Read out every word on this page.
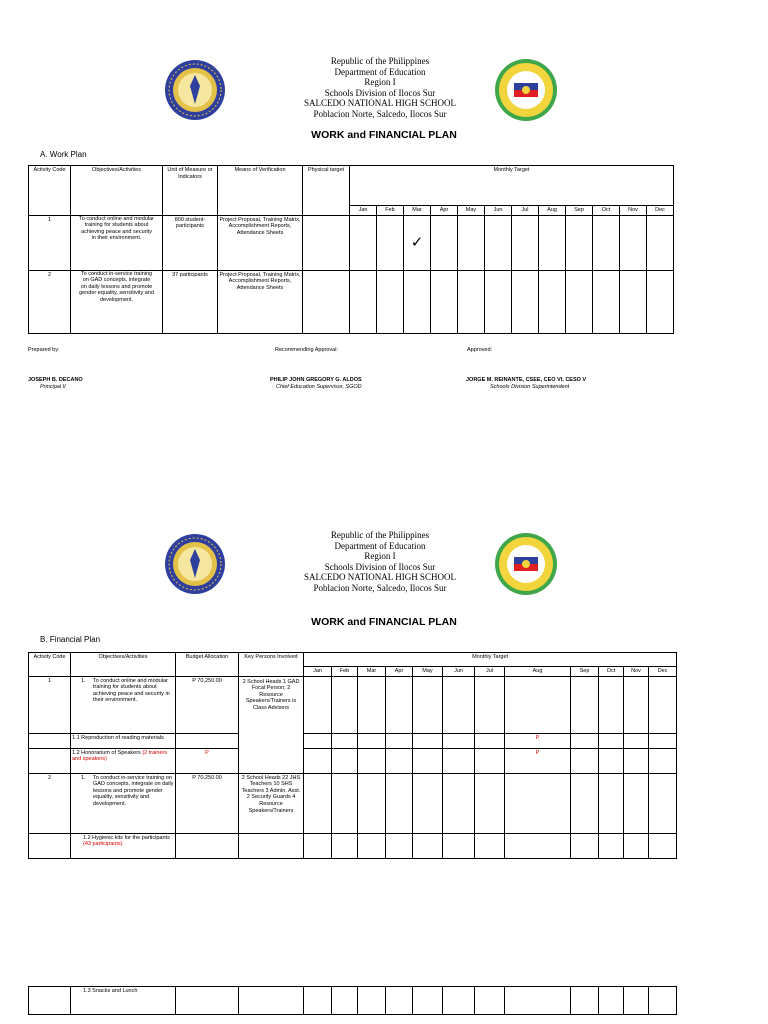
Republic of the Philippines
Department of Education
Region I
Schools Division of Ilocos Sur
SALCEDO NATIONAL HIGH SCHOOL
Poblacion Norte, Salcedo, Ilocos Sur
WORK and FINANCIAL PLAN
A. Work Plan
Activity Code	Objectives/Activities	Unit of Measure or Indicators	Means of Verification	Physical target	Monthly Target											
					Jan	Feb	Mar	Apr	May	Jun	Jul	Aug	Sep	Oct	Nov	Dec
1	To conduct online and modular training for students about achieving peace and security in their environment.	800 student-participants	Project Proposal, Training Matrix, Accomplishment Reports, Attendance Sheets				✓									
2	To conduct in-service training on GAD concepts, integrate on daily lessons and promote gender equality, sensitivity and development.	37 participants	Project Proposal, Training Matrix, Accomplishment Reports, Attendance Sheets													
Prepared by:	Recommending Approval:	Approved:
JOSEPH B. DECANO
Principal II
PHILIP JOHN GREGORY G. ALDOS
Chief Education Supervisor, SGOD
JORGE M. REINANTE, CSEE, CEO VI, CESO V
Schools Division Superintendent
Republic of the Philippines
Department of Education
Region I
Schools Division of Ilocos Sur
SALCEDO NATIONAL HIGH SCHOOL
Poblacion Norte, Salcedo, Ilocos Sur
WORK and FINANCIAL PLAN
B. Financial Plan
Activity Code	Objectives/Activities	Budget Allocation	Key Persons Involved	Monthly Target											
				Jan	Feb	Mar	Apr	May	Jun	Jul	Aug	Sep	Oct	Nov	Dec
1	1. To conduct online and modular training for students about achieving peace and security in their environment.	P 70,250.00	2 School Heads 1 GAD Focal Person; 2 Resource Speakers/Trainers is Class Advisers												
	1.1 Reproduction of reading materials										P				
	1.2 Honorarium of Speakers (2 trainers and speakers)	P									P				
2	1. To conduct in-service training on GAD concepts, integrate on daily lessons and promote gender equality, sensitivity and development.	P 70,250.00	2 School Heads 22 JHS Teachers 10 SHS Teachers 3 Admin. Asst. 2 Security Guards 4 Resource Speakers/Trainers												
	1.2 Hygienic kits for the participants (43 participants)														
	1.3 Snacks and Lunch														
